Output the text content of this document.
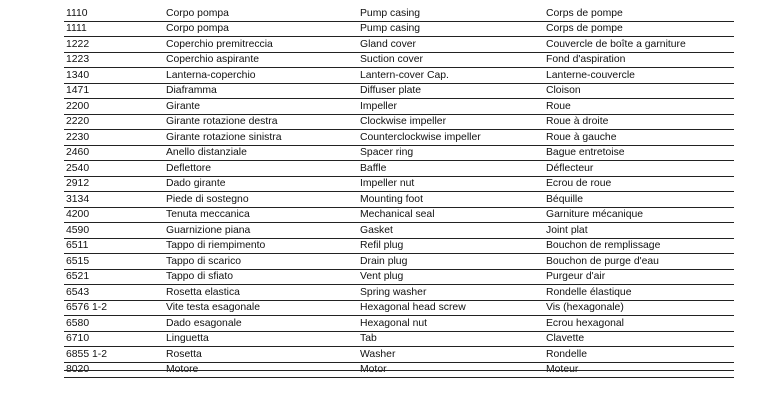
1110	Corpo pompa	Pump casing	Corps de pompe
1111	Corpo pompa	Pump casing	Corps de pompe
1222	Coperchio premitreccia	Gland cover	Couvercle de boîte a garniture
1223	Coperchio aspirante	Suction cover	Fond d'aspiration
1340	Lanterna-coperchio	Lantern-cover Cap.	Lanterne-couvercle
1471	Diaframma	Diffuser plate	Cloison
2200	Girante	Impeller	Roue
2220	Girante rotazione destra	Clockwise impeller	Roue à droite
2230	Girante rotazione sinistra	Counterclockwise impeller	Roue à gauche
2460	Anello distanziale	Spacer ring	Bague entretoise
2540	Deflettore	Baffle	Déflecteur
2912	Dado girante	Impeller nut	Ecrou de roue
3134	Piede di sostegno	Mounting foot	Béquille
4200	Tenuta meccanica	Mechanical seal	Garniture mécanique
4590	Guarnizione piana	Gasket	Joint plat
6511	Tappo di riempimento	Refil plug	Bouchon de remplissage
6515	Tappo di scarico	Drain plug	Bouchon de purge d'eau
6521	Tappo di sfiato	Vent plug	Purgeur d'air
6543	Rosetta elastica	Spring washer	Rondelle élastique
6576 1-2	Vite testa esagonale	Hexagonal head screw	Vis (hexagonale)
6580	Dado esagonale	Hexagonal nut	Ecrou hexagonal
6710	Linguetta	Tab	Clavette
6855 1-2	Rosetta	Washer	Rondelle
8020	Motore	Motor	Moteur
